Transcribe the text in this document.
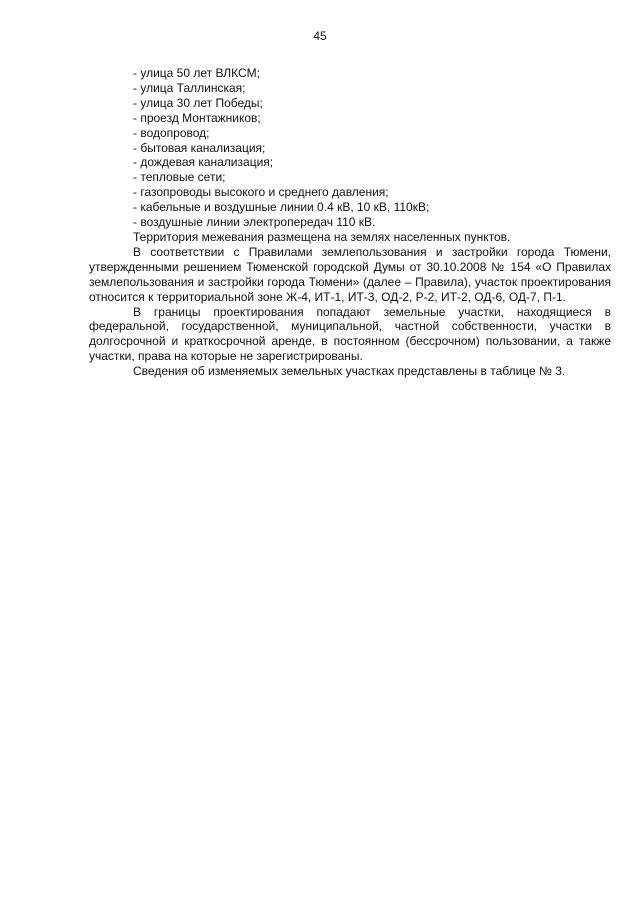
45
- улица 50 лет ВЛКСМ;
- улица Таллинская;
- улица 30 лет Победы;
- проезд Монтажников;
- водопровод;
- бытовая канализация;
- дождевая канализация;
- тепловые сети;
- газопроводы высокого и среднего давления;
- кабельные и воздушные линии 0.4 кВ, 10 кВ, 110кВ;
- воздушные линии электропередач 110 кВ.

Территория межевания размещена на землях населенных пунктов.

В соответствии с Правилами землепользования и застройки города Тюмени, утвержденными решением Тюменской городской Думы от 30.10.2008 № 154 «О Правилах землепользования и застройки города Тюмени» (далее – Правила), участок проектирования относится к территориальной зоне Ж-4, ИТ-1, ИТ-3, ОД-2, Р-2, ИТ-2, ОД-6, ОД-7, П-1.

В границы проектирования попадают земельные участки, находящиеся в федеральной, государственной, муниципальной, частной собственности, участки в долгосрочной и краткосрочной аренде, в постоянном (бессрочном) пользовании, а также участки, права на которые не зарегистрированы.

Сведения об изменяемых земельных участках представлены в таблице № 3.
